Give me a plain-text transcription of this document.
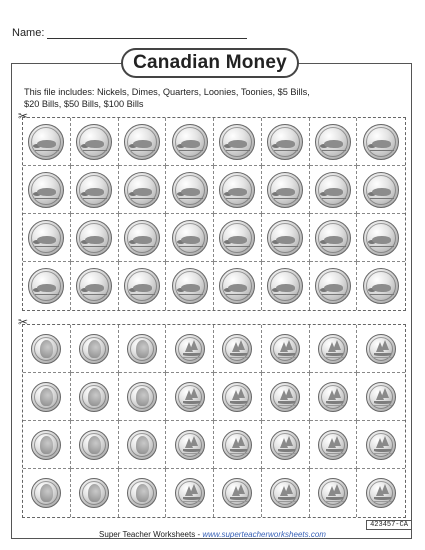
Name:
Canadian Money
This file includes: Nickels, Dimes, Quarters, Loonies, Toonies, $5 Bills,
$20 Bills, $50 Bills, $100 Bills
✂
✂
Super Teacher Worksheets - www.superteacherworksheets.com
423457-CA
